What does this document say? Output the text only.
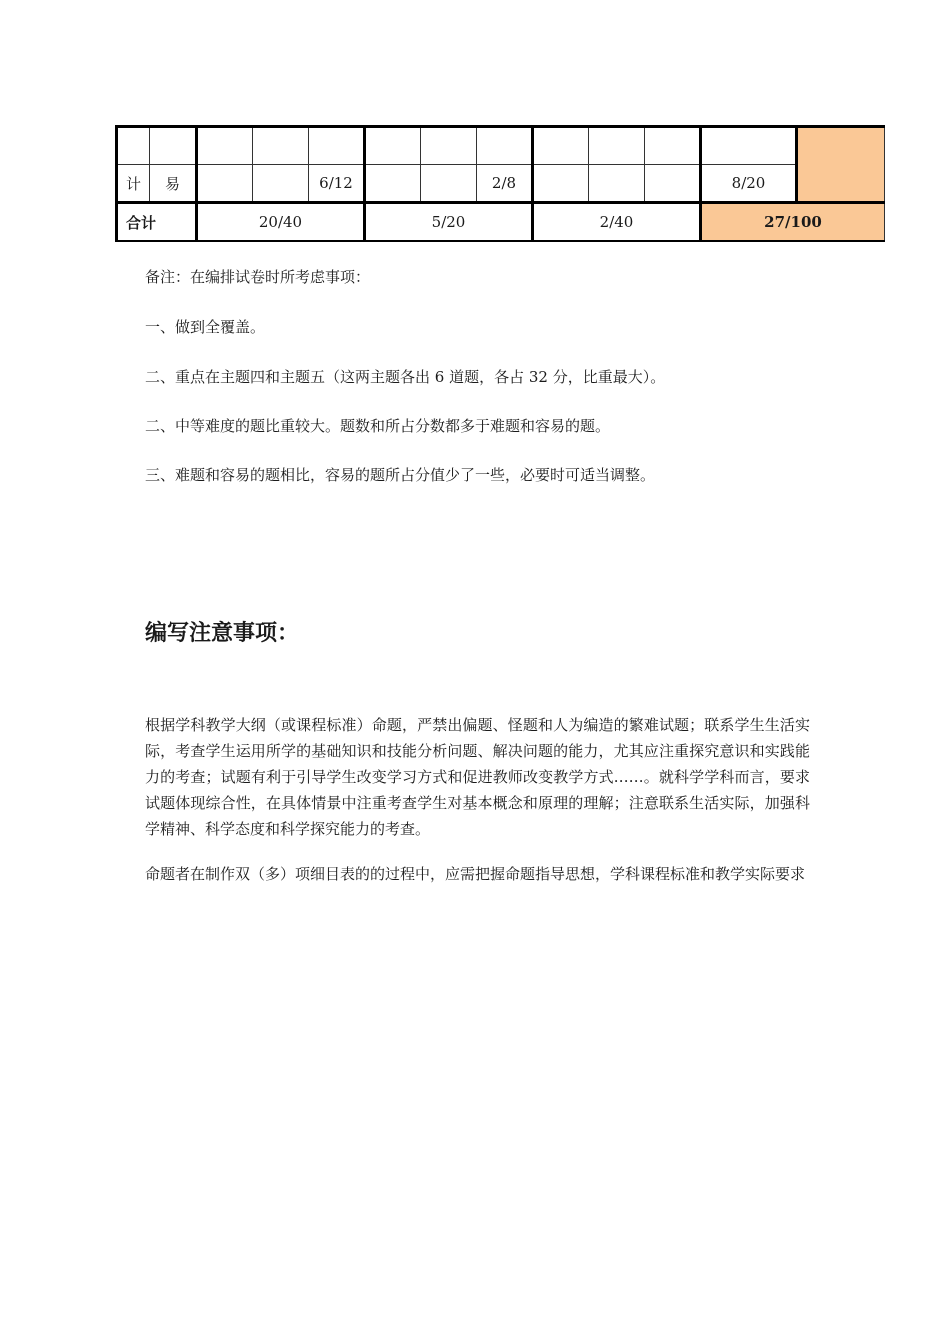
计	易			6/12			2/8				8/20	
合计		20/40			5/20			2/40			27/100	

备注：在编排试卷时所考虑事项：

一、做到全覆盖。

二、重点在主题四和主题五（这两主题各出 6 道题，各占 32 分，比重最大）。

二、中等难度的题比重较大。题数和所占分数都多于难题和容易的题。

三、难题和容易的题相比，容易的题所占分值少了一些，必要时可适当调整。

编写注意事项：

根据学科教学大纲（或课程标准）命题，严禁出偏题、怪题和人为编造的繁难试题；联系学生生活实际，考查学生运用所学的基础知识和技能分析问题、解决问题的能力，尤其应注重探究意识和实践能力的考查；试题有利于引导学生改变学习方式和促进教师改变教学方式……。就科学学科而言，要求试题体现综合性，在具体情景中注重考查学生对基本概念和原理的理解；注意联系生活实际，加强科学精神、科学态度和科学探究能力的考查。

命题者在制作双（多）项细目表的的过程中，应需把握命题指导思想，学科课程标准和教学实际要求
